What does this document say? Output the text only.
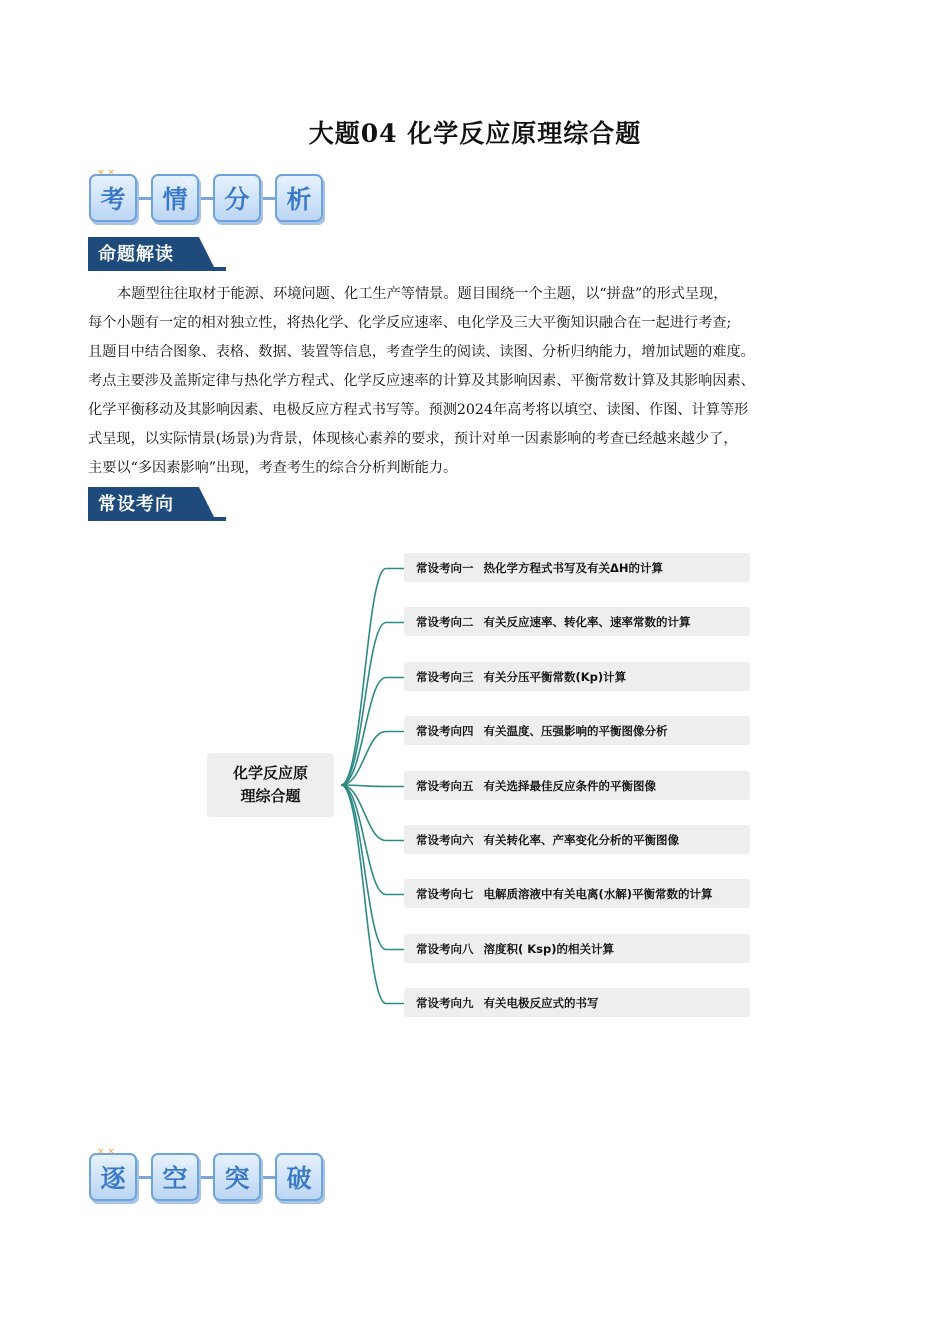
大题04 化学反应原理综合题
× ×
考
○○
情 分 析
命题解读
本题型往往取材于能源、环境问题、化工生产等情景。题目围绕一个主题，以“拼盘”的形式呈现，
每个小题有一定的相对独立性，将热化学、化学反应速率、电化学及三大平衡知识融合在一起进行考查;
且题目中结合图象、表格、数据、装置等信息，考查学生的阅读、读图、分析归纳能力，增加试题的难度。
考点主要涉及盖斯定律与热化学方程式、化学反应速率的计算及其影响因素、平衡常数计算及其影响因素、
化学平衡移动及其影响因素、电极反应方程式书写等。预测2024年高考将以填空、读图、作图、计算等形
式呈现，以实际情景(场景)为背景，体现核心素养的要求，预计对单一因素影响的考查已经越来越少了，
主要以“多因素影响”出现，考查考生的综合分析判断能力。
常设考向
化学反应原
理综合题
常设考向一 热化学方程式书写及有关ΔH的计算
常设考向二 有关反应速率、转化率、速率常数的计算
常设考向三 有关分压平衡常数(Kp)计算
常设考向四 有关温度、压强影响的平衡图像分析
常设考向五 有关选择最佳反应条件的平衡图像
常设考向六 有关转化率、产率变化分析的平衡图像
常设考向七 电解质溶液中有关电离(水解)平衡常数的计算
常设考向八 溶度积( Ksp)的相关计算
常设考向九 有关电极反应式的书写
× ×
逐
○○
空 突 破
